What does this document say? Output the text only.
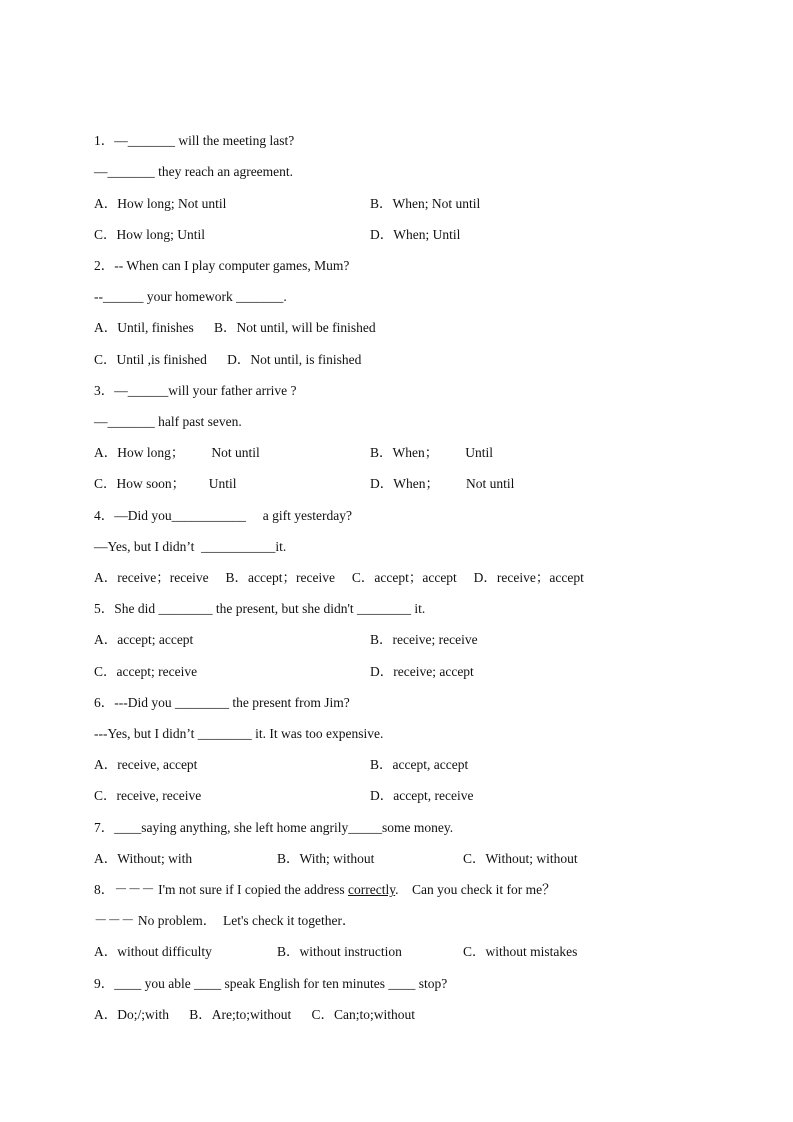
1．—_______ will the meeting last?
—_______ they reach an agreement.
A．How long; Not until	B．When; Not until
C．How long; Until	D．When; Until
2．-- When can I play computer games, Mum?
--______ your homework _______.
A．Until, finishes      B．Not until, will be finished
C．Until ,is finished      D．Not until, is finished
3．—______will your father arrive ?
—_______ half past seven.
A．How long；        Not until	B．When；        Until
C．How soon；       Until	D．When；        Not until
4．—Did you___________     a gift yesterday?
—Yes, but I didn’t  ___________it.
A．receive；receive     B．accept；receive     C．accept；accept     D．receive；accept
5．She did ________ the present, but she didn't ________ it.
A．accept; accept	B．receive; receive
C．accept; receive	D．receive; accept
6．---Did you ________ the present from Jim?
---Yes, but I didn’t ________ it. It was too expensive.
A．receive, accept	B．accept, accept
C．receive, receive	D．accept, receive
7．____saying anything, she left home angrily_____some money.
A．Without; with	B．With; without	C．Without; without
8．－－－ I'm not sure if I copied the address correctly.    Can you check it for me？
－－－ No problem．  Let's check it together．
A．without difficulty	B．without instruction	C．without mistakes
9．____ you able ____ speak English for ten minutes ____ stop?
A．Do;/;with      B．Are;to;without      C．Can;to;without
